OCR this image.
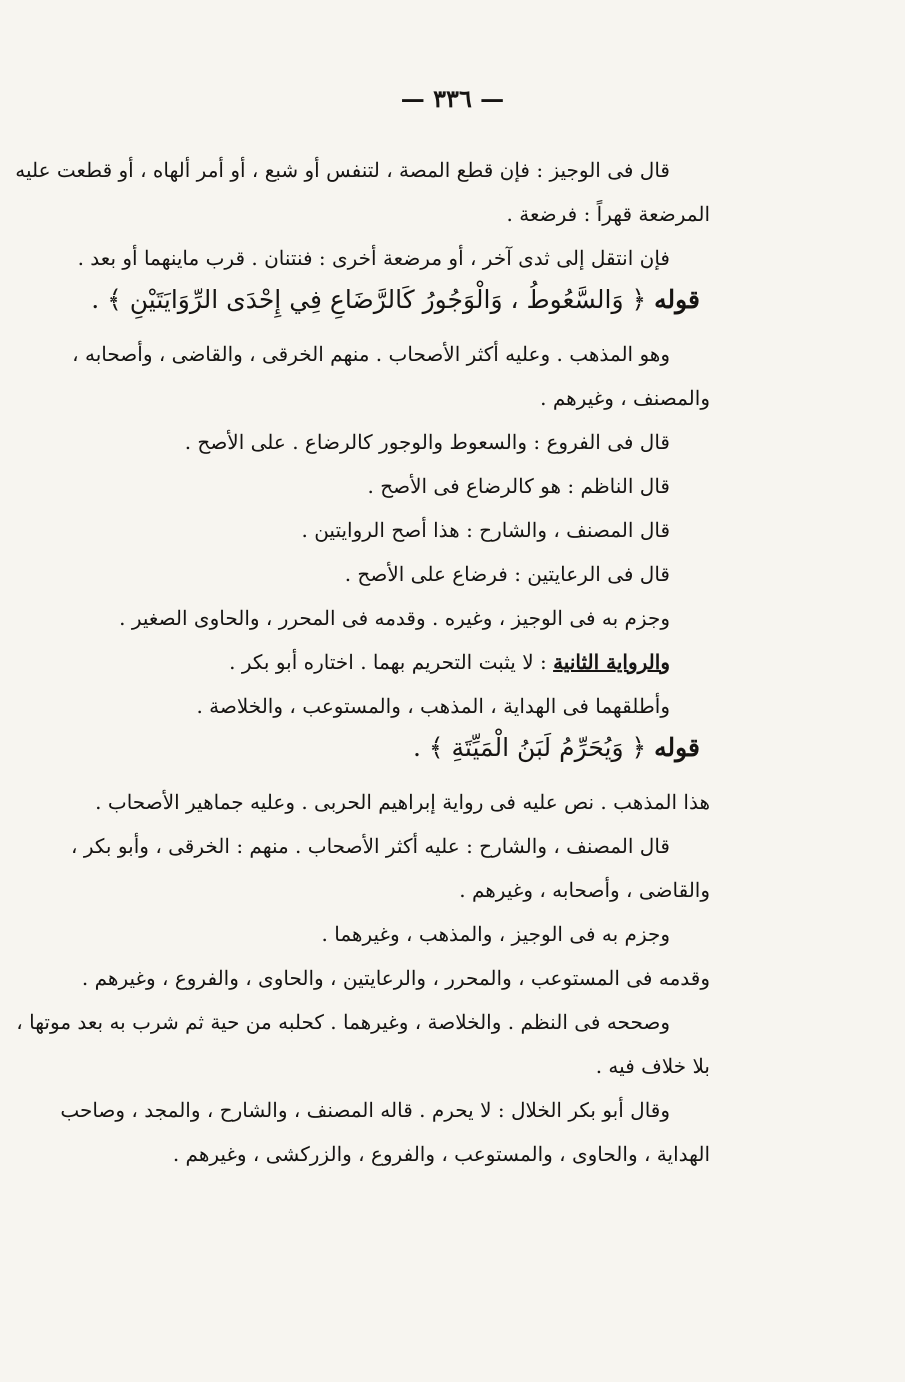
— ٣٣٦ —
قال فى الوجيز : فإن قطع المصة ، لتنفس أو شبع ، أو أمر ألهاه ، أو قطعت عليه
المرضعة قهراً : فرضعة .
فإن انتقل إلى ثدى آخر ، أو مرضعة أخرى : فنتنان . قرب ماينهما أو بعد .
قوله ﴿ وَالسَّعُوطُ ، وَالْوَجُورُ كَالرَّضَاعِ فِي إِحْدَى الرِّوَايَتَيْنِ ﴾ .
وهو المذهب . وعليه أكثر الأصحاب . منهم الخرقى ، والقاضى ، وأصحابه ،
والمصنف ، وغيرهم .
قال فى الفروع : والسعوط والوجور كالرضاع . على الأصح .
قال الناظم : هو كالرضاع فى الأصح .
قال المصنف ، والشارح : هذا أصح الروايتين .
قال فى الرعايتين : فرضاع على الأصح .
وجزم به فى الوجيز ، وغيره . وقدمه فى المحرر ، والحاوى الصغير .
والرواية الثانية : لا يثبت التحريم بهما . اختاره أبو بكر .
وأطلقهما فى الهداية ، المذهب ، والمستوعب ، والخلاصة .
قوله ﴿ وَيُحَرِّمُ لَبَنُ الْمَيِّتَةِ ﴾ .
هذا المذهب . نص عليه فى رواية إبراهيم الحربى . وعليه جماهير الأصحاب .
قال المصنف ، والشارح : عليه أكثر الأصحاب . منهم : الخرقى ، وأبو بكر ،
والقاضى ، وأصحابه ، وغيرهم .
وجزم به فى الوجيز ، والمذهب ، وغيرهما .
وقدمه فى المستوعب ، والمحرر ، والرعايتين ، والحاوى ، والفروع ، وغيرهم .
وصححه فى النظم . والخلاصة ، وغيرهما . كحلبه من حية ثم شرب به بعد موتها ،
بلا خلاف فيه .
وقال أبو بكر الخلال : لا يحرم . قاله المصنف ، والشارح ، والمجد ، وصاحب
الهداية ، والحاوى ، والمستوعب ، والفروع ، والزركشى ، وغيرهم .
